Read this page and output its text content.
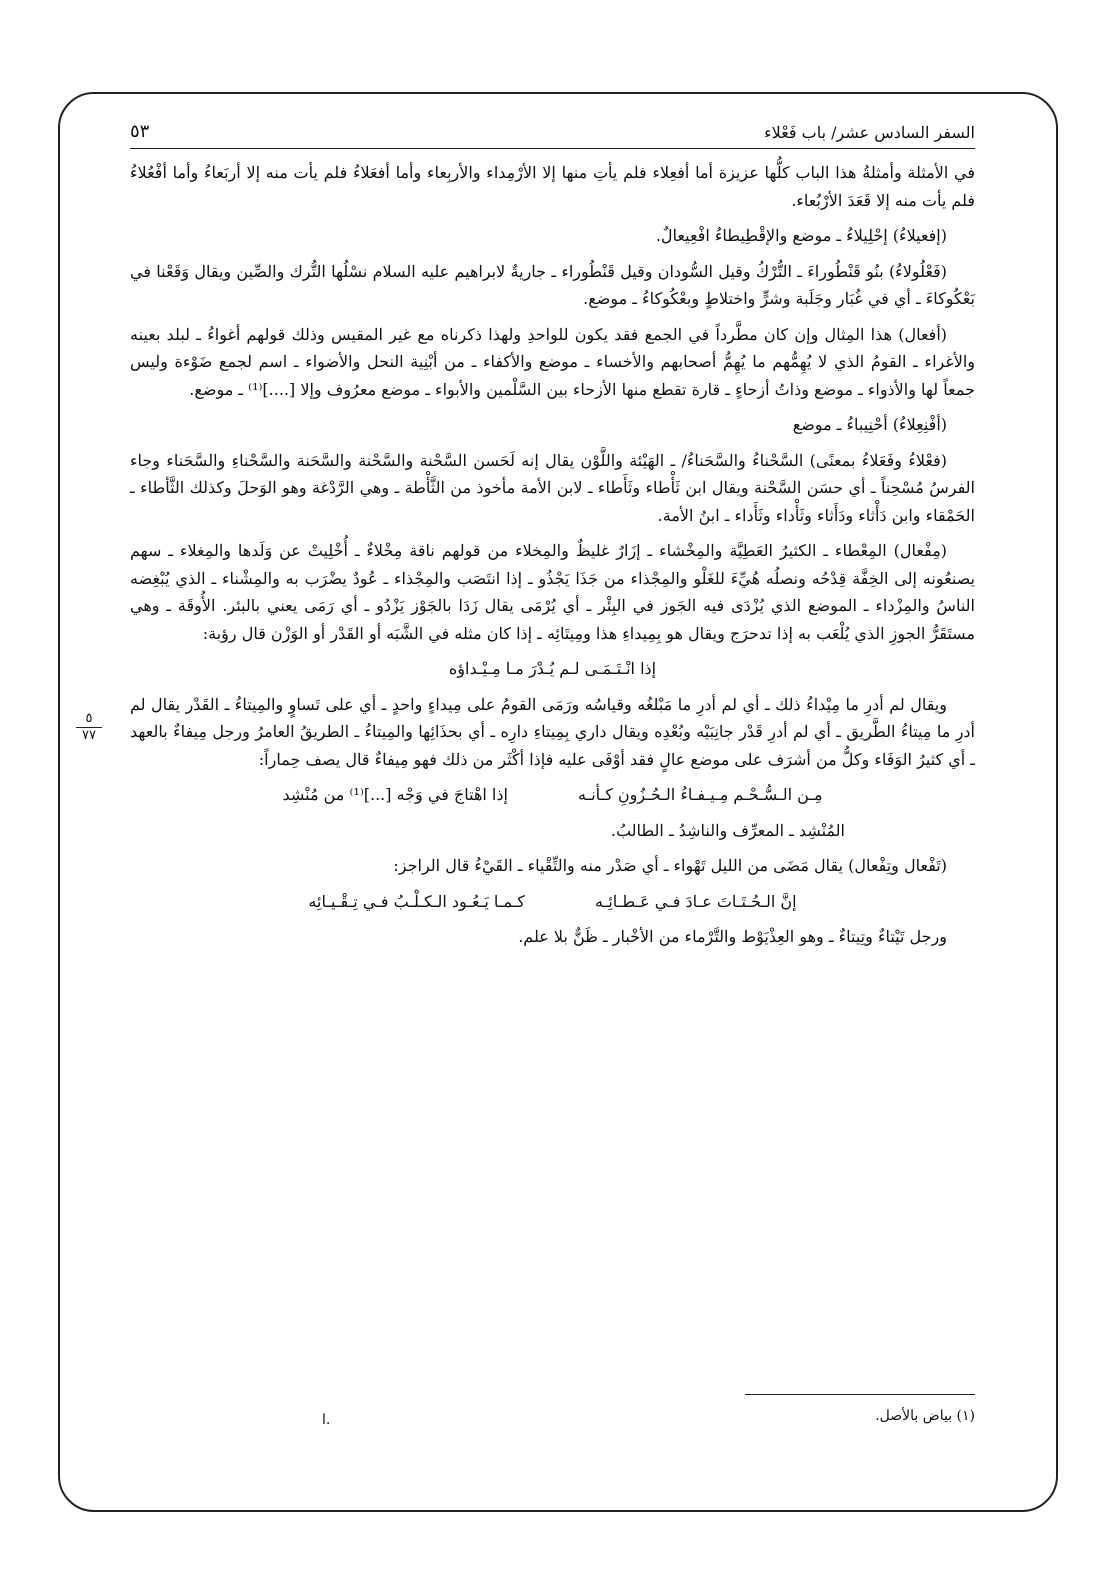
٥
٧٧
السفر السادس عشر/ باب فَعْلاء
٥٣

في الأمثلة وأمثلةُ هذا الباب كلُّها عزيزة أما أفعِلاء فلم يأتِ منها إلا الأرْمِداء والأربِعاء وأما أفعَلاءُ فلم يأت منه إلا أربَعاءُ وأما أفْعُلاءُ فلم يأت منه إلا قَعَدَ الأرْبُعاء.

(إفعيلاءُ) إحْلِيلاءُ ـ موضع والإقْطِيطاءُ افْعِيعالٌ.

(فَعْلُولاءُ) بنُو قَنْطُوراءَ ـ التُّرْكُ وقيل السُّودان وقيل قَنْطُوراء ـ جاريةٌ لابراهيم عليه السلام نسْلُها التُّرك والصِّين ويقال وَقَعْنا في بَعْكُوكاءَ ـ أي في غُبَار وجَلَبة وشرٍّ واختلاطٍ وبعْكُوكاءُ ـ موضع.

(أفعال) هذا المِثال وإن كان مطَّرداً في الجمع فقد يكون للواحدِ ولهذا ذكرناه مع غير المقيس وذلك قولهم أغواءُ ـ لبلد بعينه والأغراء ـ القومُ الذي لا يُهِمُّهم ما يُهِمُّ أصحابهم والأخساء ـ موضع والأكفاء ـ من أبْنِية النحل والأضواء ـ اسم لجمع ضَوْءة وليس جمعاً لها والأذواء ـ موضع وذاتُ أزحاءٍ ـ قارة تقطع منها الأزحاء بين السَّلْمين والأبواء ـ موضع معرُوف وإلا [....]⁽¹⁾ ـ موضع.

(أفْنِعِلاءُ) أحْنِيباءُ ـ موضع

(فعْلاءُ وفَعَلاءُ بمعنًى) السَّحْناءُ والسَّحَناءُ/ ـ الهَيْئة واللَّوْن يقال إنه لَحَسن السَّحْنة والسَّحْنة والسَّحَنة والسَّحْناءِ والسَّحَناء وجاء الفرسُ مُسْحِناً ـ أي حسَن السَّحْنة ويقال ابن ثَأْطاء وثَأَطاء ـ لابن الأمة مأخوذ من الثَّأْطة ـ وهي الرَّدْغة وهو الوَحلَ وكذلك الثَّأطاء ـ الحَمْقاء وابن دَأْثاء ودَأَثاء وثَأْداء وثَأَداء ـ ابنُ الأمة.

(مِفْعال) المِعْطاء ـ الكثيرُ العَطِيَّة والمِخْشاء ـ إزَارٌ غليظٌ والمِخلاء من قولهم ناقة مِخْلاءٌ ـ أُخْلِيتْ عن وَلَدها والمِغلاء ـ سهم يصنعُونه إلى الخِفَّة قِدْحُه ونصلُه هُيِّءَ للغَلْو والمِجْذاء من جَذَا يَجْذُو ـ إذا انتَصَب والمِجْذاء ـ عُودٌ يضْرَب به والمِشْناء ـ الذي يُبْغِضه الناسُ والمِزْداء ـ الموضع الذي يُزْدَى فيه الجَوز في البِئْر ـ أي يُرْمَى يقال زَدَا بالجَوْز يَزْدُو ـ أي رَمَى يعني بالبئر. الأُوقَة ـ وهي مستَقَرُّ الجوزِ الذي يُلْعَب به إذا تدحرَج ويقال هو بِمِيداءِ هذا ومِيتَائِه ـ إذا كان مثله في الشَّبَه أو القَدْر أو الوَزْن قال رؤبة:

إذا انْـتَـمَـى لـم يُـدْرَ مـا مِـيْـداؤه

ويقال لم أدرِ ما مِيْداءُ ذلك ـ أي لم أدرِ ما مَبْلغُه وقياسُه ورَمَى القومُ على مِيداءٍ واحدٍ ـ أي على تَساوٍ والمِيتاءُ ـ القَدْر يقال لم أدرِ ما مِيتاءُ الطَّريق ـ أي لم أدرِ قَدْر جانِبَيْه وبُعْدِه ويقال داري بِمِيتاءِ دارِه ـ أي بحذَائِها والمِيتاءُ ـ الطريقُ العامرُ ورجل مِيفاءٌ بالعهد ـ أي كثيرُ الوَفَاء وكلُّ من أشرَف على موضع عالٍ فقد أوْفَى عليه فإذا أكْثَر من ذلك فهو مِيفاءٌ قال يصف حِماراً:

مِـن الـسُّـحْـم مِـيـفـاءُ الـحُـزُونِ كـأنـه
إذا اهْتاجَ في وَجْه [...]⁽¹⁾ من مُنْشِد

المُنْشِد ـ المعرِّف والناشِدُ ـ الطالبُ.

(تَفْعال وتِفْعال) يقال مَضَى من الليل تَهْواء ـ أي صَدْر منه والتِّقْياء ـ القَيْءُ قال الراجز:

إنَّ الـحُـتَـاتَ عـادَ فـي عَـطـائِـه
كـمـا يَـعُـود الـكـلْـبُ فـي تِـقْـيـائِه

ورجل تَيْتاءٌ وتِيتاءٌ ـ وهو العِذْيَوْط والتَّرْماء من الأخْبار ـ ظَنٌّ بلا علم.

(١) بياض بالأصل.
ا.
